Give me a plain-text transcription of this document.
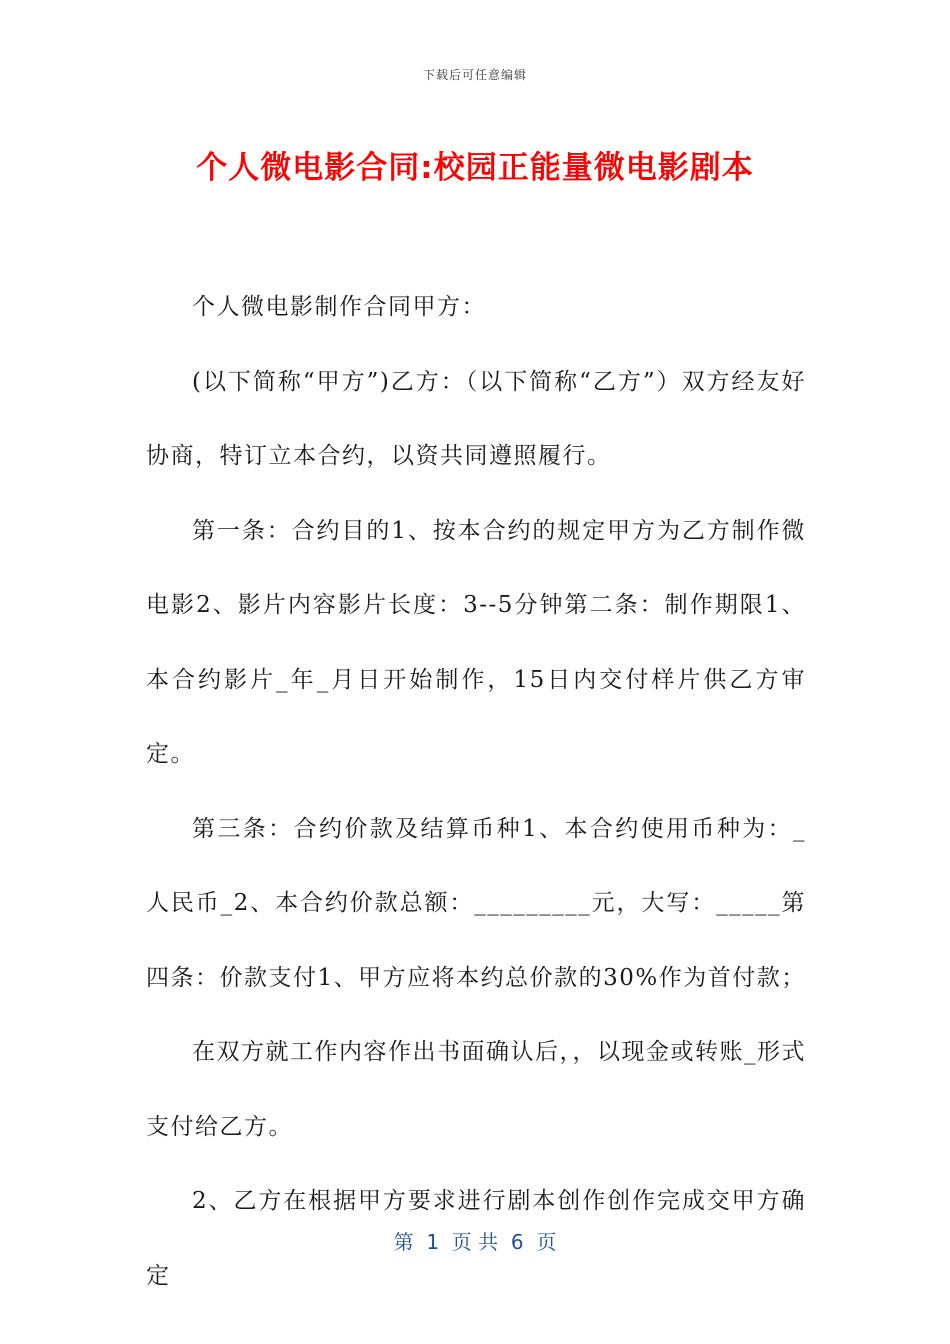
下载后可任意编辑
个人微电影合同:校园正能量微电影剧本

个人微电影制作合同甲方：

(以下简称“甲方”)乙方：（以下简称“乙方”）双方经友好协商，特订立本合约，以资共同遵照履行。

第一条：合约目的1、按本合约的规定甲方为乙方制作微电影2、影片内容影片长度：3--5分钟第二条：制作期限1、本合约影片_年_月日开始制作，15日内交付样片供乙方审定。

第三条：合约价款及结算币种1、本合约使用币种为：_人民币_2、本合约价款总额：_________元，大写：_____第四条：价款支付1、甲方应将本约总价款的30%作为首付款；

在双方就工作内容作出书面确认后，，以现金或转账_形式支付给乙方。

2、乙方在根据甲方要求进行剧本创作创作完成交甲方确定

第  1  页 共  6  页
